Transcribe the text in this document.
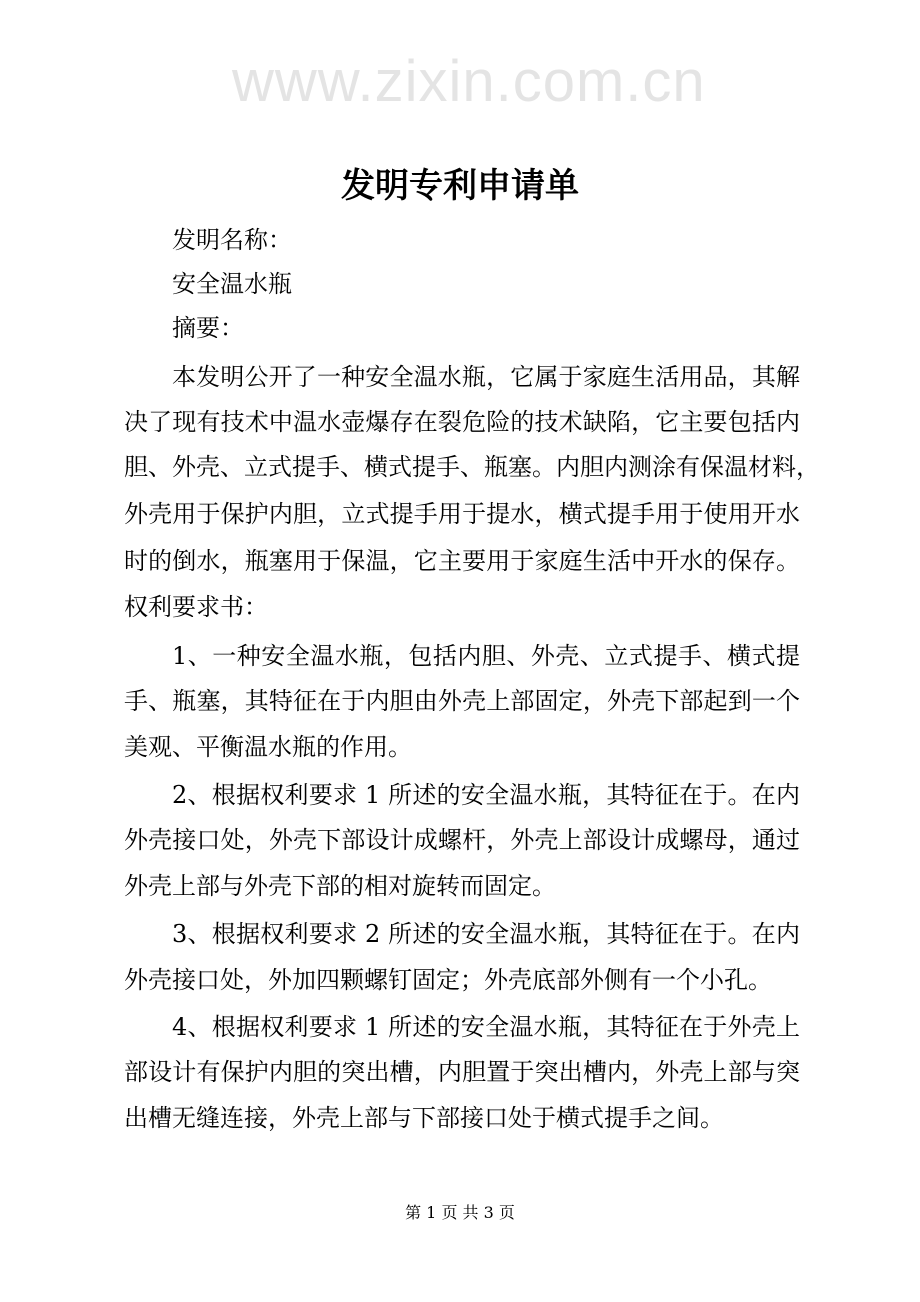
www.zixin.com.cn
发明专利申请单
发明名称：
安全温水瓶
摘要：
本发明公开了一种安全温水瓶，它属于家庭生活用品，其解
决了现有技术中温水壶爆存在裂危险的技术缺陷，它主要包括内
胆、外壳、立式提手、横式提手、瓶塞。内胆内测涂有保温材料，
外壳用于保护内胆，立式提手用于提水，横式提手用于使用开水
时的倒水，瓶塞用于保温，它主要用于家庭生活中开水的保存。
权利要求书：
1、一种安全温水瓶，包括内胆、外壳、立式提手、横式提
手、瓶塞，其特征在于内胆由外壳上部固定，外壳下部起到一个
美观、平衡温水瓶的作用。
2、根据权利要求 1 所述的安全温水瓶，其特征在于。在内
外壳接口处，外壳下部设计成螺杆，外壳上部设计成螺母，通过
外壳上部与外壳下部的相对旋转而固定。
3、根据权利要求 2 所述的安全温水瓶，其特征在于。在内
外壳接口处，外加四颗螺钉固定；外壳底部外侧有一个小孔。
4、根据权利要求 1 所述的安全温水瓶，其特征在于外壳上
部设计有保护内胆的突出槽，内胆置于突出槽内，外壳上部与突
出槽无缝连接，外壳上部与下部接口处于横式提手之间。
第 1 页 共 3 页
